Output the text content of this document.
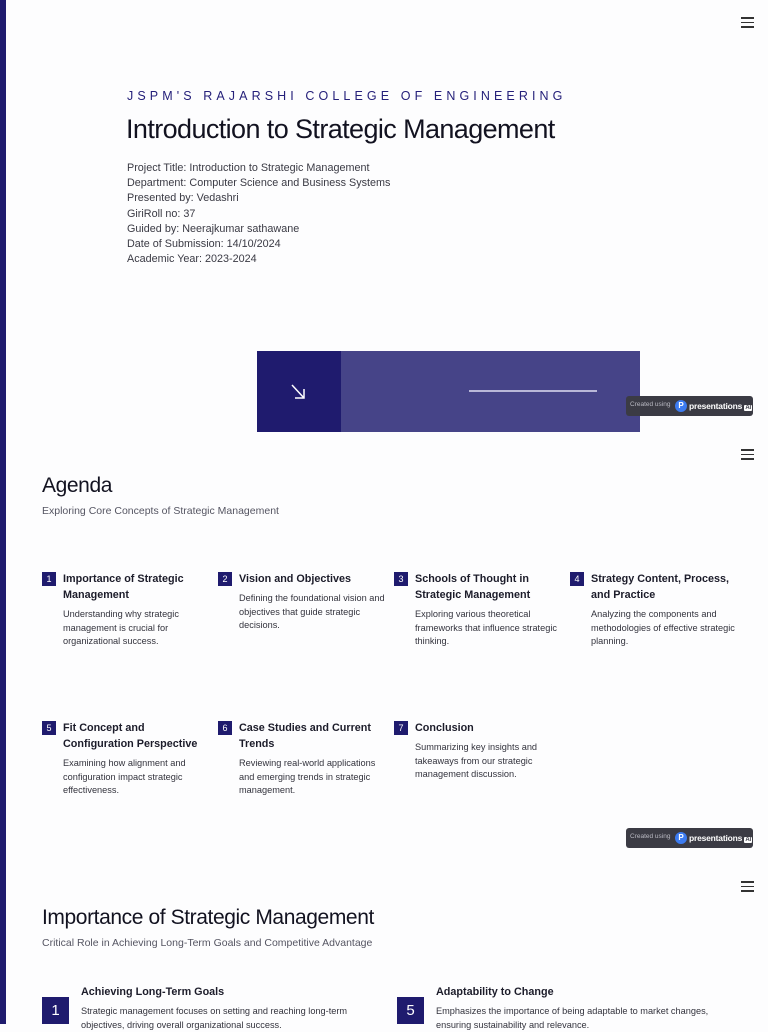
JSPM'S RAJARSHI COLLEGE OF ENGINEERING
Introduction to Strategic Management
Project Title: Introduction to Strategic Management
Department: Computer Science and Business Systems
Presented by: Vedashri
GiriRoll no: 37
Guided by: Neerajkumar sathawane
Date of Submission: 14/10/2024
Academic Year: 2023-2024
Created using P presentations AI
Agenda

Exploring Core Concepts of Strategic Management

1	Importance of Strategic Management

Understanding why strategic management is crucial for organizational success.

2	Vision and Objectives

Defining the foundational vision and objectives that guide strategic decisions.

3	Schools of Thought in Strategic Management

Exploring various theoretical frameworks that influence strategic thinking.

4	Strategy Content, Process, and Practice

Analyzing the components and methodologies of effective strategic planning.

5	Fit Concept and Configuration Perspective

Examining how alignment and configuration impact strategic effectiveness.

6	Case Studies and Current Trends

Reviewing real-world applications and emerging trends in strategic management.

7	Conclusion

Summarizing key insights and takeaways from our strategic management discussion.

Created using P presentations AI
Importance of Strategic Management

Critical Role in Achieving Long-Term Goals and Competitive Advantage

1

Achieving Long-Term Goals

Strategic management focuses on setting and reaching long-term objectives, driving overall organizational success.

5

Adaptability to Change

Emphasizes the importance of being adaptable to market changes, ensuring sustainability and relevance.
